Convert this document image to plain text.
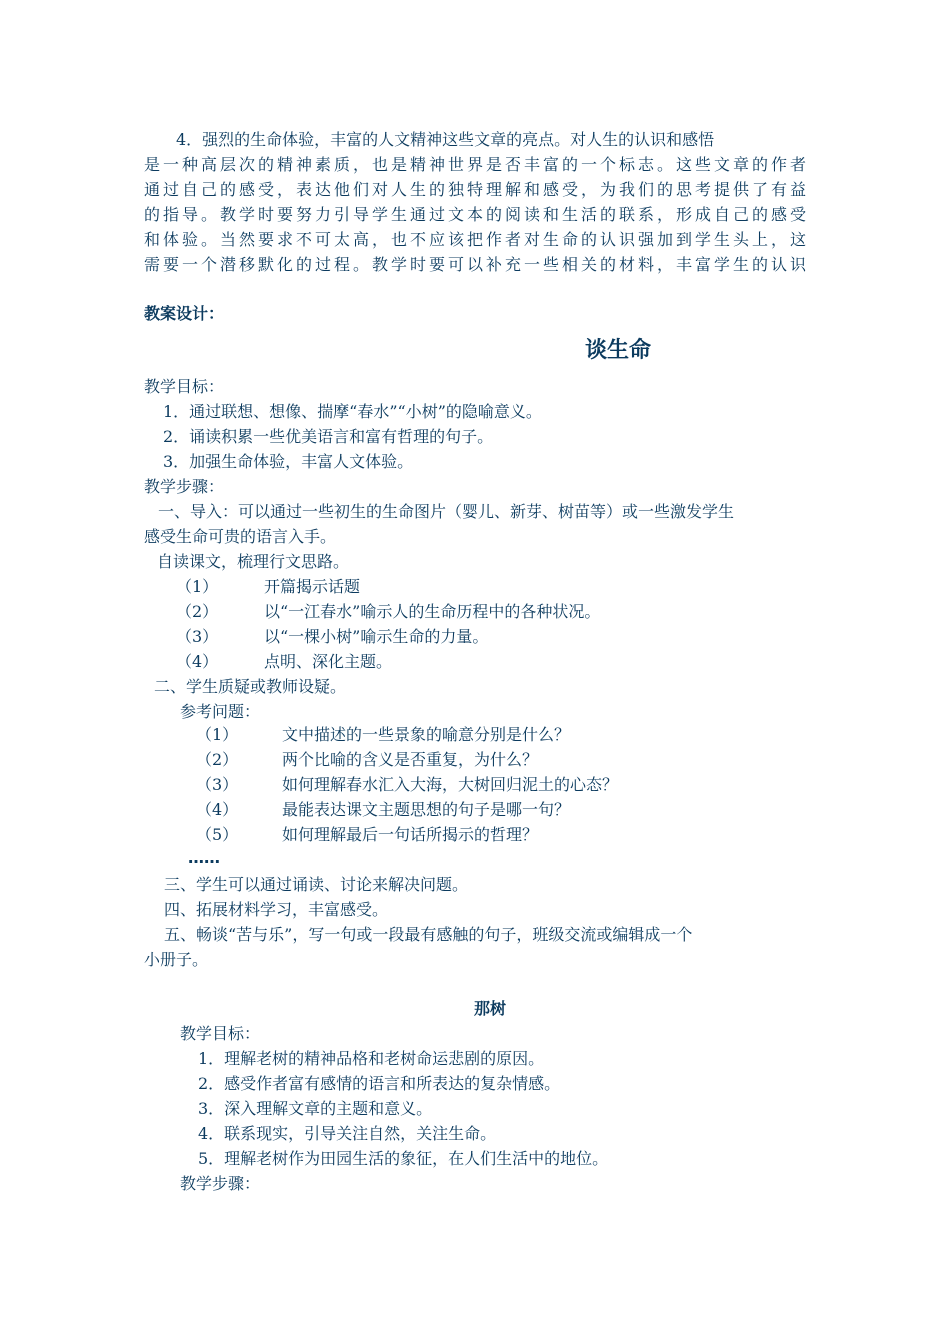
4．强烈的生命体验，丰富的人文精神这些文章的亮点。对人生的认识和感悟
是一种高层次的精神素质，也是精神世界是否丰富的一个标志。这些文章的作者
通过自己的感受，表达他们对人生的独特理解和感受，为我们的思考提供了有益
的指导。教学时要努力引导学生通过文本的阅读和生活的联系，形成自己的感受
和体验。当然要求不可太高，也不应该把作者对生命的认识强加到学生头上，这
需要一个潜移默化的过程。教学时要可以补充一些相关的材料，丰富学生的认识
教案设计：
谈生命
教学目标：
1．通过联想、想像、揣摩“春水”“小树”的隐喻意义。
2．诵读积累一些优美语言和富有哲理的句子。
3．加强生命体验，丰富人文体验。
教学步骤：
一、导入：可以通过一些初生的生命图片（婴儿、新芽、树苗等）或一些激发学生
感受生命可贵的语言入手。
自读课文，梳理行文思路。
（1）	开篇揭示话题
（2）	以“一江春水”喻示人的生命历程中的各种状况。
（3）	以“一棵小树”喻示生命的力量。
（4）	点明、深化主题。
二、学生质疑或教师设疑。
参考问题：
（1）	文中描述的一些景象的喻意分别是什么？
（2）	两个比喻的含义是否重复，为什么？
（3）	如何理解春水汇入大海，大树回归泥土的心态？
（4）	最能表达课文主题思想的句子是哪一句？
（5）	如何理解最后一句话所揭示的哲理？
……
三、学生可以通过诵读、讨论来解决问题。
四、拓展材料学习，丰富感受。
五、畅谈“苦与乐”，写一句或一段最有感触的句子，班级交流或编辑成一个
小册子。
那树
教学目标：
1．理解老树的精神品格和老树命运悲剧的原因。
2．感受作者富有感情的语言和所表达的复杂情感。
3．深入理解文章的主题和意义。
4．联系现实，引导关注自然，关注生命。
5．理解老树作为田园生活的象征，在人们生活中的地位。
教学步骤：
